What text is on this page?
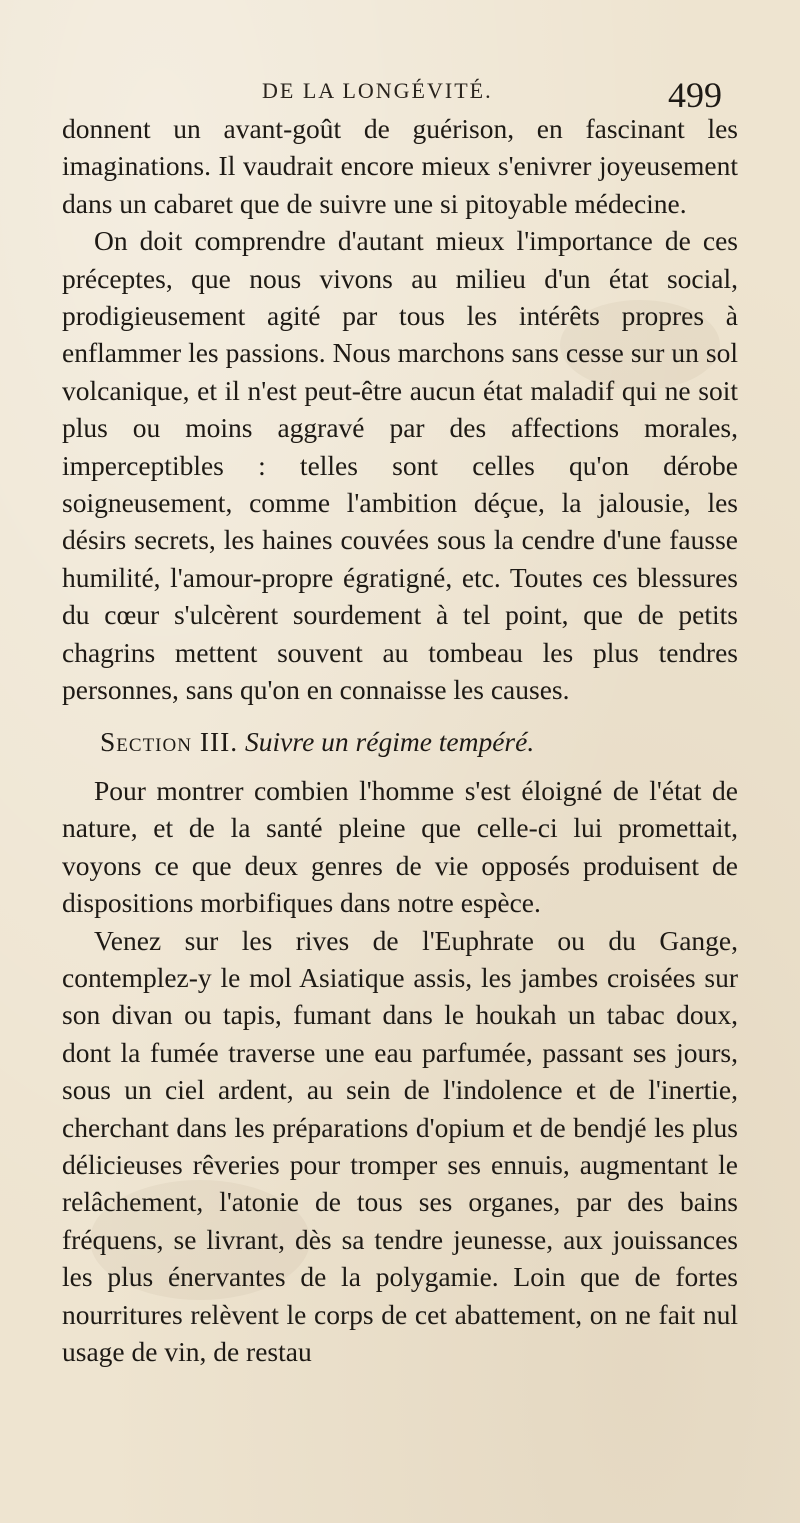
DE LA LONGÉVITÉ.	499

donnent un avant-goût de guérison, en fascinant les imaginations. Il vaudrait encore mieux s'enivrer joyeusement dans un cabaret que de suivre une si pitoyable médecine.

On doit comprendre d'autant mieux l'importance de ces préceptes, que nous vivons au milieu d'un état social, prodigieusement agité par tous les intérêts propres à enflammer les passions. Nous marchons sans cesse sur un sol volcanique, et il n'est peut-être aucun état maladif qui ne soit plus ou moins aggravé par des affections morales, imperceptibles : telles sont celles qu'on dérobe soigneusement, comme l'ambition déçue, la jalousie, les désirs secrets, les haines couvées sous la cendre d'une fausse humilité, l'amour-propre égratigné, etc. Toutes ces blessures du cœur s'ulcèrent sourdement à tel point, que de petits chagrins mettent souvent au tombeau les plus tendres personnes, sans qu'on en connaisse les causes.

Section III. Suivre un régime tempéré.

Pour montrer combien l'homme s'est éloigné de l'état de nature, et de la santé pleine que celle-ci lui promettait, voyons ce que deux genres de vie opposés produisent de dispositions morbifiques dans notre espèce.

Venez sur les rives de l'Euphrate ou du Gange, contemplez-y le mol Asiatique assis, les jambes croisées sur son divan ou tapis, fumant dans le houkah un tabac doux, dont la fumée traverse une eau parfumée, passant ses jours, sous un ciel ardent, au sein de l'indolence et de l'inertie, cherchant dans les préparations d'opium et de bendjé les plus délicieuses rêveries pour tromper ses ennuis, augmentant le relâchement, l'atonie de tous ses organes, par des bains fréquens, se livrant, dès sa tendre jeunesse, aux jouissances les plus énervantes de la polygamie. Loin que de fortes nourritures relèvent le corps de cet abattement, on ne fait nul usage de vin, de restau
